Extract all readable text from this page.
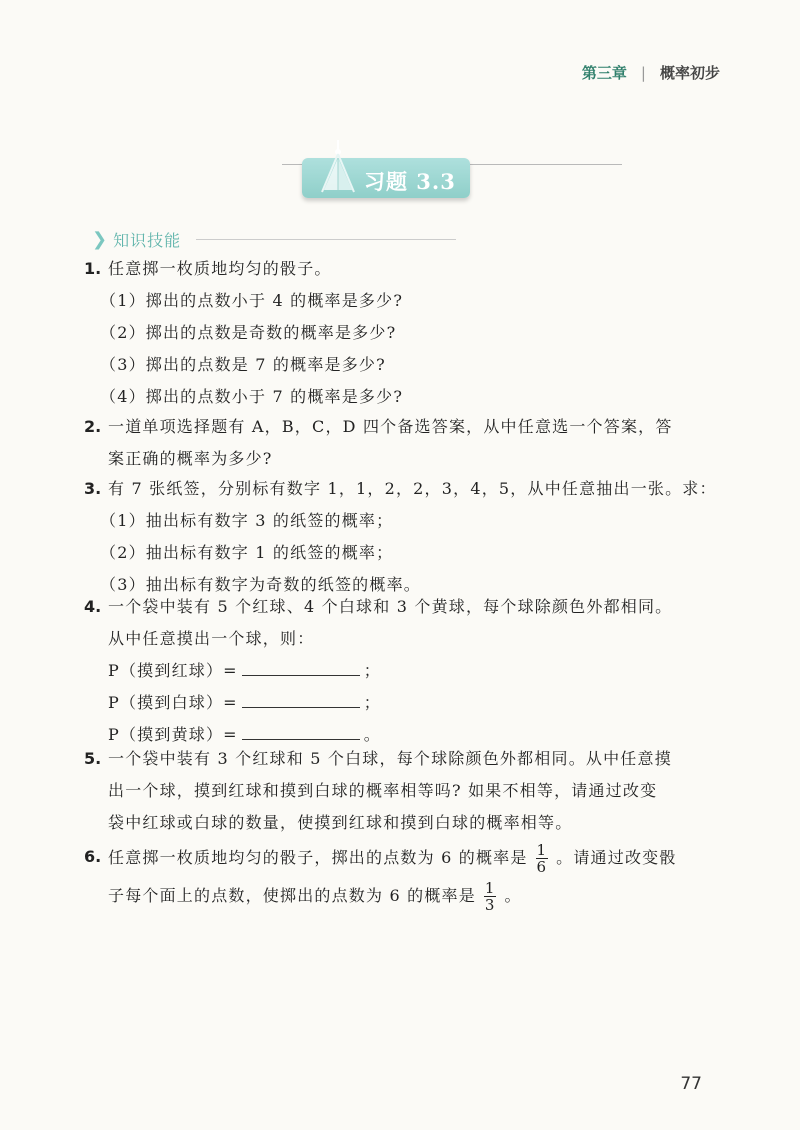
第三章 | 概率初步
习题 3.3
❯ 知识技能
1. 任意掷一枚质地均匀的骰子。
（1）掷出的点数小于 4 的概率是多少?
（2）掷出的点数是奇数的概率是多少?
（3）掷出的点数是 7 的概率是多少?
（4）掷出的点数小于 7 的概率是多少?
2. 一道单项选择题有 A，B，C，D 四个备选答案，从中任意选一个答案，答
案正确的概率为多少?
3. 有 7 张纸签，分别标有数字 1，1，2，2，3，4，5，从中任意抽出一张。求：
（1）抽出标有数字 3 的纸签的概率；
（2）抽出标有数字 1 的纸签的概率；
（3）抽出标有数字为奇数的纸签的概率。
4. 一个袋中装有 5 个红球、4 个白球和 3 个黄球，每个球除颜色外都相同。
从中任意摸出一个球，则：
P（摸到红球）=	；
P（摸到白球）=	；
P（摸到黄球）=	。
5. 一个袋中装有 3 个红球和 5 个白球，每个球除颜色外都相同。从中任意摸
出一个球，摸到红球和摸到白球的概率相等吗? 如果不相等，请通过改变
袋中红球或白球的数量，使摸到红球和摸到白球的概率相等。
6. 任意掷一枚质地均匀的骰子，掷出的点数为 6 的概率是 $\frac{1}{6}$ 。请通过改变骰
子每个面上的点数，使掷出的点数为 6 的概率是 $\frac{1}{3}$ 。
77
